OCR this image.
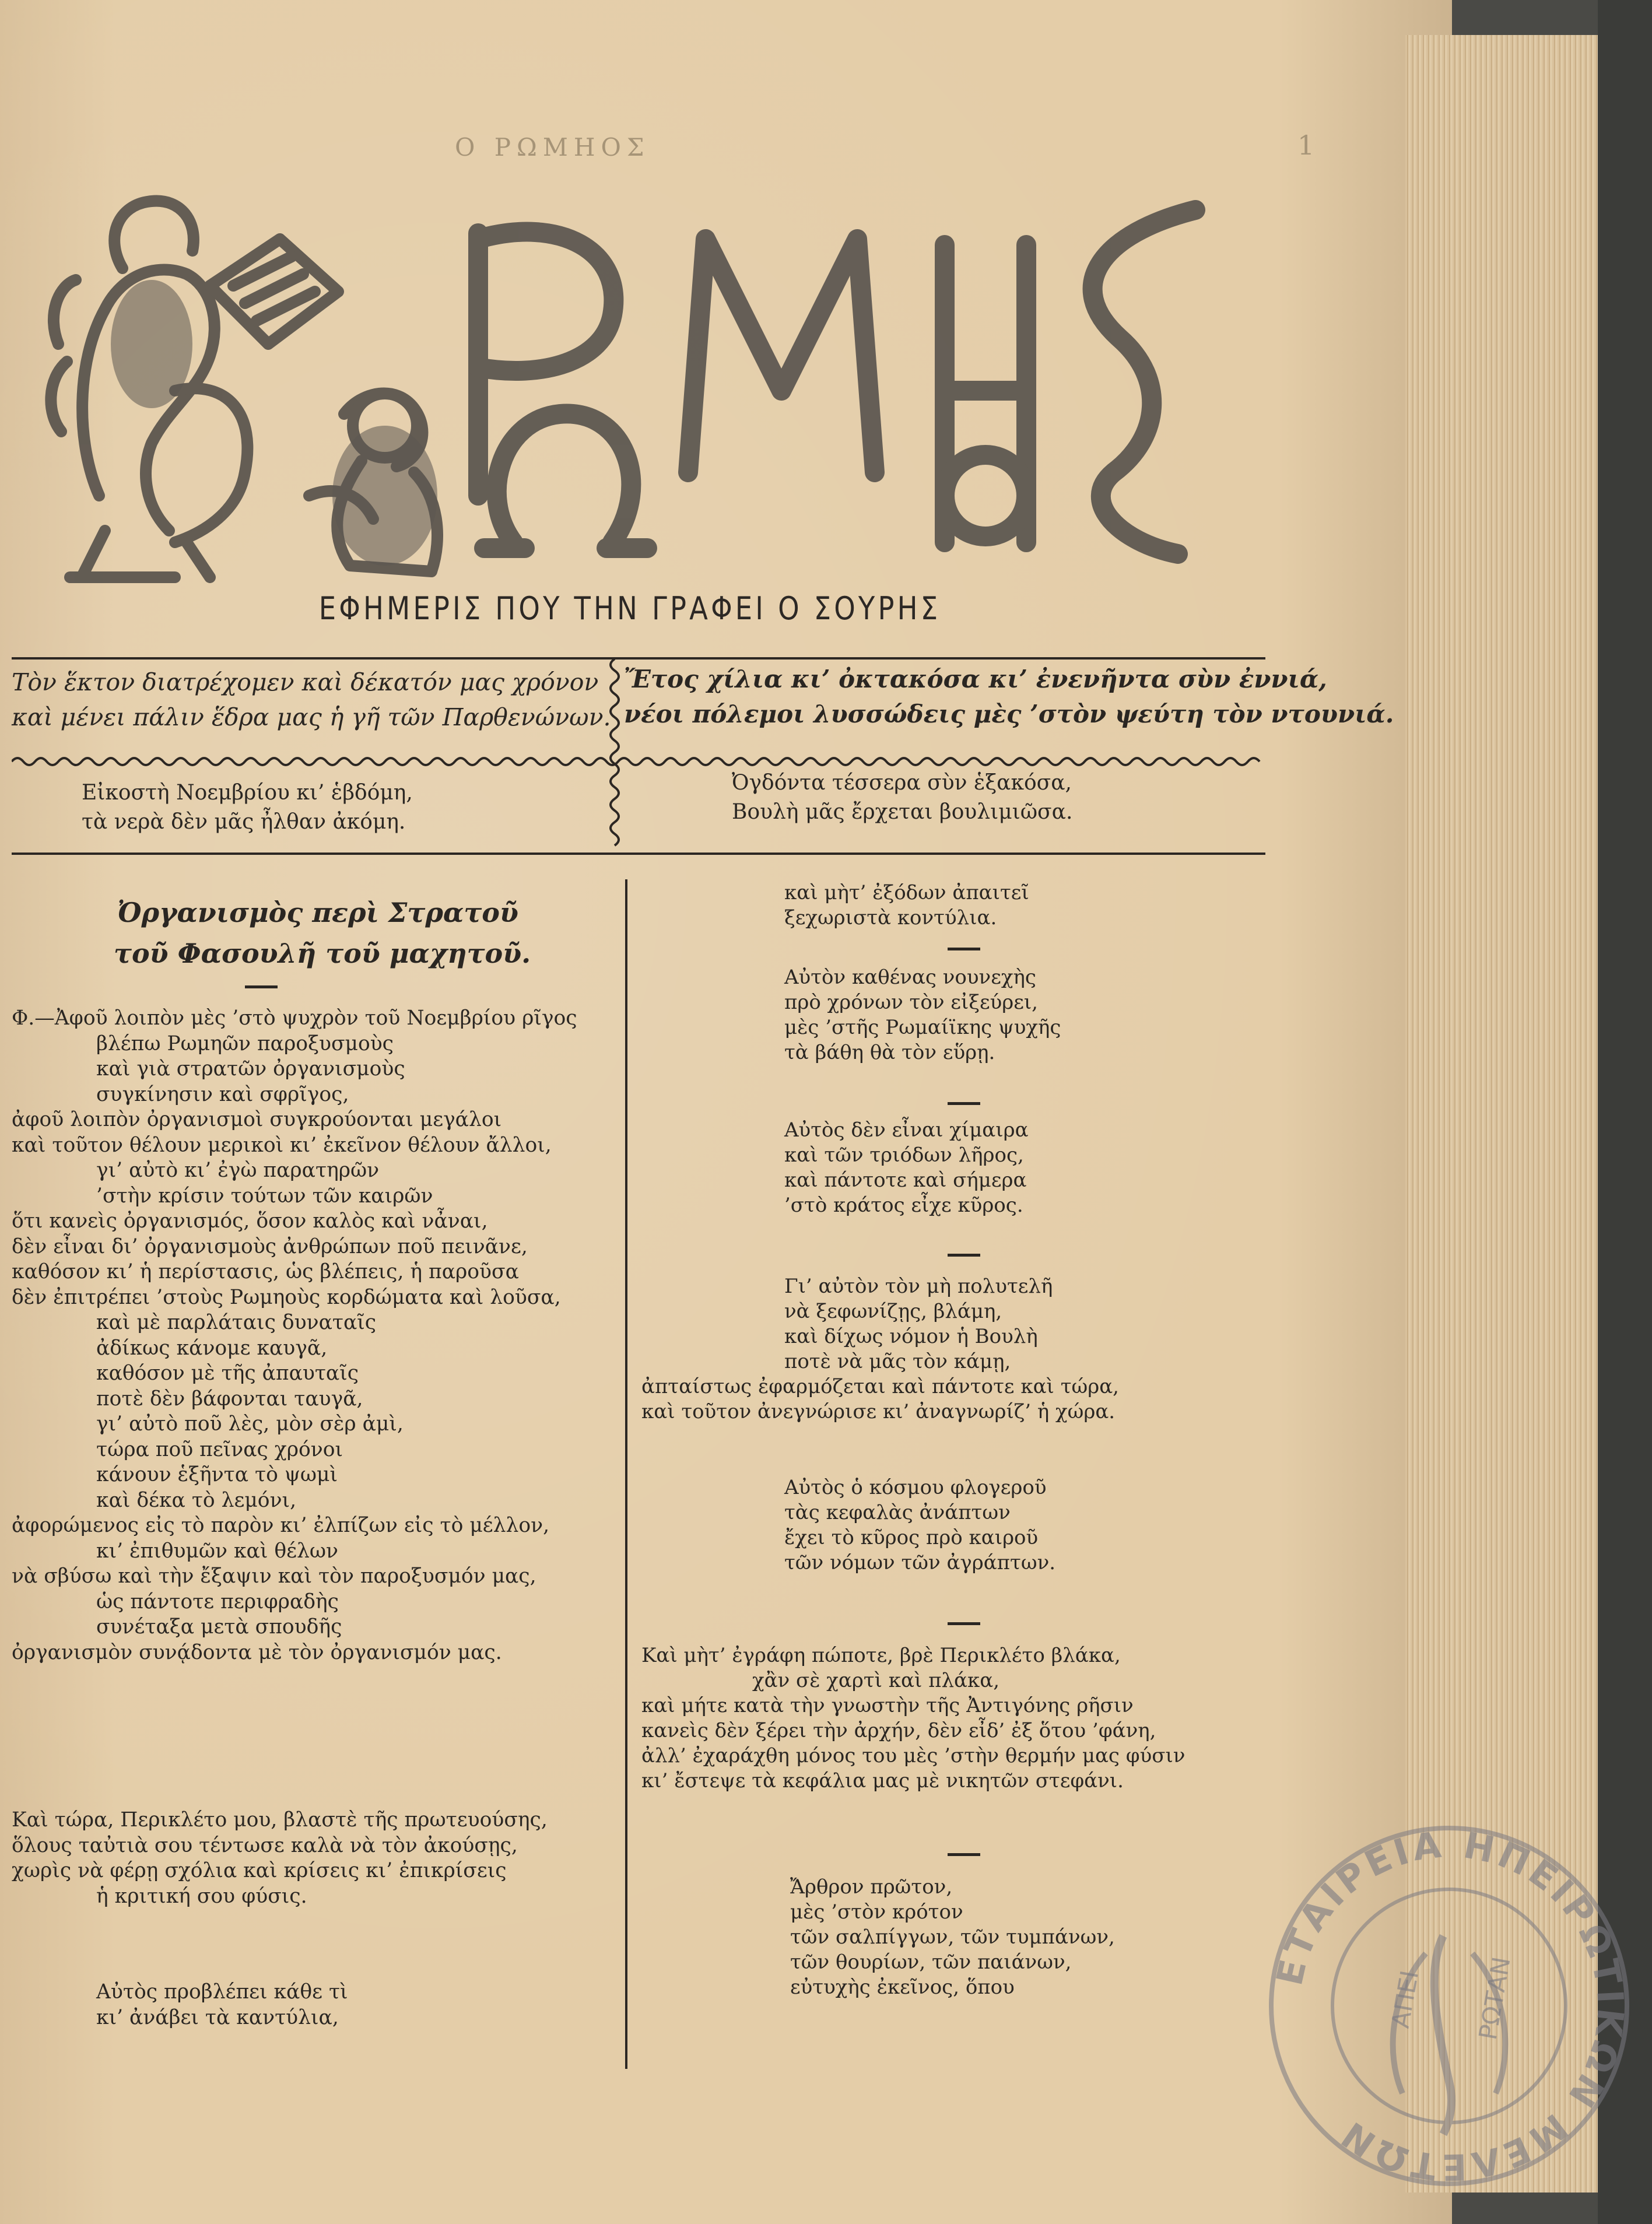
Ο ΡΩΜΗΟΣ	1
ΡΩΜΗΟΣ
ΕΦΗΜΕΡΙΣ ΠΟΥ ΤΗΝ ΓΡΑΦΕΙ Ο ΣΟΥΡΗΣ
Τὸν ἕκτον διατρέχομεν καὶ δέκατόν μας χρόνον
καὶ μένει πάλιν ἕδρα μας ἡ γῆ τῶν Παρθενώνων.
Ἔτος χίλια κι’ ὀκτακόσα κι’ ἐνενῆντα σὺν ἐννιά,
νέοι πόλεμοι λυσσώδεις μὲς ’στὸν ψεύτη τὸν ντουνιά.
Εἰκοστὴ Νοεμβρίου κι’ ἑβδόμη,
τὰ νερὰ δὲν μᾶς ἦλθαν ἀκόμη.
Ὀγδόντα τέσσερα σὺν ἑξακόσα,
Βουλὴ μᾶς ἔρχεται βουλιμιῶσα.
Ὀργανισμὸς περὶ Στρατοῦ
τοῦ Φασουλῆ τοῦ μαχητοῦ.
Φ.—Ἀφοῦ λοιπὸν μὲς ’στὸ ψυχρὸν τοῦ Νοεμβρίου ρῖγος
βλέπω Ρωμηῶν παροξυσμοὺς
καὶ γιὰ στρατῶν ὀργανισμοὺς
συγκίνησιν καὶ σφρῖγος,
ἀφοῦ λοιπὸν ὀργανισμοὶ συγκρούονται μεγάλοι
καὶ τοῦτον θέλουν μερικοὶ κι’ ἐκεῖνον θέλουν ἄλλοι,
γι’ αὐτὸ κι’ ἐγὼ παρατηρῶν
’στὴν κρίσιν τούτων τῶν καιρῶν
ὅτι κανεὶς ὀργανισμός, ὅσον καλὸς καὶ νἆναι,
δὲν εἶναι δι’ ὀργανισμοὺς ἀνθρώπων ποῦ πεινᾶνε,
καθόσον κι’ ἡ περίστασις, ὡς βλέπεις, ἡ παροῦσα
δὲν ἐπιτρέπει ’στοὺς Ρωμηοὺς κορδώματα καὶ λοῦσα,
καὶ μὲ παρλάταις δυναταῖς
ἀδίκως κάνομε καυγᾶ,
καθόσον μὲ τῆς ἀπαυταῖς
ποτὲ δὲν βάφονται ταυγᾶ,
γι’ αὐτὸ ποῦ λὲς, μὸν σὲρ ἀμὶ,
τώρα ποῦ πεῖνας χρόνοι
κάνουν ἑξῆντα τὸ ψωμὶ
καὶ δέκα τὸ λεμόνι,
ἀφορώμενος εἰς τὸ παρὸν κι’ ἐλπίζων εἰς τὸ μέλλον,
κι’ ἐπιθυμῶν καὶ θέλων
νὰ σβύσω καὶ τὴν ἔξαψιν καὶ τὸν παροξυσμόν μας,
ὡς πάντοτε περιφραδὴς
συνέταξα μετὰ σπουδῆς
ὀργανισμὸν συνᾴδοντα μὲ τὸν ὀργανισμόν μας.
Καὶ τώρα, Περικλέτο μου, βλαστὲ τῆς πρωτευούσης,
ὅλους ταὐτιὰ σου τέντωσε καλὰ νὰ τὸν ἀκούσῃς,
χωρὶς νὰ φέρῃ σχόλια καὶ κρίσεις κι’ ἐπικρίσεις
ἡ κριτική σου φύσις.
Αὐτὸς προβλέπει κάθε τὶ
κι’ ἀνάβει τὰ καντύλια,
καὶ μὴτ’ ἐξόδων ἀπαιτεῖ
ξεχωριστὰ κοντύλια.
Αὐτὸν καθένας νουνεχὴς
πρὸ χρόνων τὸν εἰξεύρει,
μὲς ’στῆς Ρωμαίϊκης ψυχῆς
τὰ βάθη θὰ τὸν εὕρῃ.
Αὐτὸς δὲν εἶναι χίμαιρα
καὶ τῶν τριόδων λῆρος,
καὶ πάντοτε καὶ σήμερα
’στὸ κράτος εἶχε κῦρος.
Γι’ αὐτὸν τὸν μὴ πολυτελῆ
νὰ ξεφωνίζῃς, βλάμη,
καὶ δίχως νόμον ἡ Βουλὴ
ποτὲ νὰ μᾶς τὸν κάμῃ,
ἀπταίστως ἐφαρμόζεται καὶ πάντοτε καὶ τώρα,
καὶ τοῦτον ἀνεγνώρισε κι’ ἀναγνωρίζ’ ἡ χώρα.
Αὐτὸς ὁ κόσμου φλογεροῦ
τὰς κεφαλὰς ἀνάπτων
ἔχει τὸ κῦρος πρὸ καιροῦ
τῶν νόμων τῶν ἀγράπτων.
Καὶ μὴτ’ ἐγράφη πώποτε, βρὲ Περικλέτο βλάκα,
χἂν σὲ χαρτὶ καὶ πλάκα,
καὶ μήτε κατὰ τὴν γνωστὴν τῆς Ἀντιγόνης ρῆσιν
κανεὶς δὲν ξέρει τὴν ἀρχήν, δὲν εἶδ’ ἐξ ὅτου ’φάνη,
ἀλλ’ ἐχαράχθη μόνος του μὲς ’στὴν θερμήν μας φύσιν
κι’ ἔστεψε τὰ κεφάλια μας μὲ νικητῶν στεφάνι.
Ἄρθρον πρῶτον,
μὲς ’στὸν κρότον
τῶν σαλπίγγων, τῶν τυμπάνων,
τῶν θουρίων, τῶν παιάνων,
εὐτυχὴς ἐκεῖνος, ὅπου	ΕΤΑΙΡΕΙΑ ΗΠΕΙΡΩΤΙΚΩΝ ΜΕΛΕΤΩΝ
ΑΠΕΙ ΡΩΤΑΝ
